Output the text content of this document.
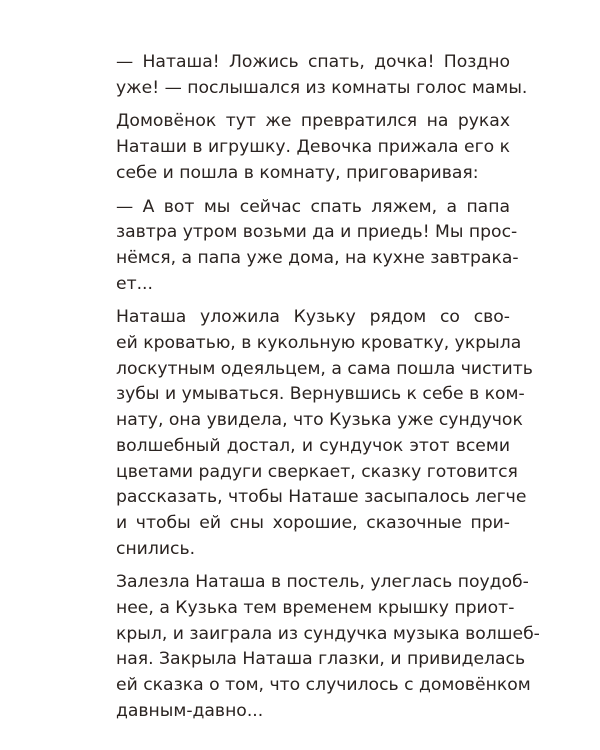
— Наташа! Ложись спать, дочка! Поздно
уже! — послышался из комнаты голос мамы.

Домовёнок тут же превратился на руках
Наташи в игрушку. Девочка прижала его к
себе и пошла в комнату, приговаривая:

— А вот мы сейчас спать ляжем, а папа
завтра утром возьми да и приедь! Мы прос-
нёмся, а папа уже дома, на кухне завтрака-
ет...

Наташа уложила Кузьку рядом со сво-
ей кроватью, в кукольную кроватку, укрыла
лоскутным одеяльцем, а сама пошла чистить
зубы и умываться. Вернувшись к себе в ком-
нату, она увидела, что Кузька уже сундучок
волшебный достал, и сундучок этот всеми
цветами радуги сверкает, сказку готовится
рассказать, чтобы Наташе засыпалось легче
и чтобы ей сны хорошие, сказочные при-
снились.

Залезла Наташа в постель, улеглась поудоб-
нее, а Кузька тем временем крышку приот-
крыл, и заиграла из сундучка музыка волшеб-
ная. Закрыла Наташа глазки, и привиделась
ей сказка о том, что случилось с домовёнком
давным-давно...
